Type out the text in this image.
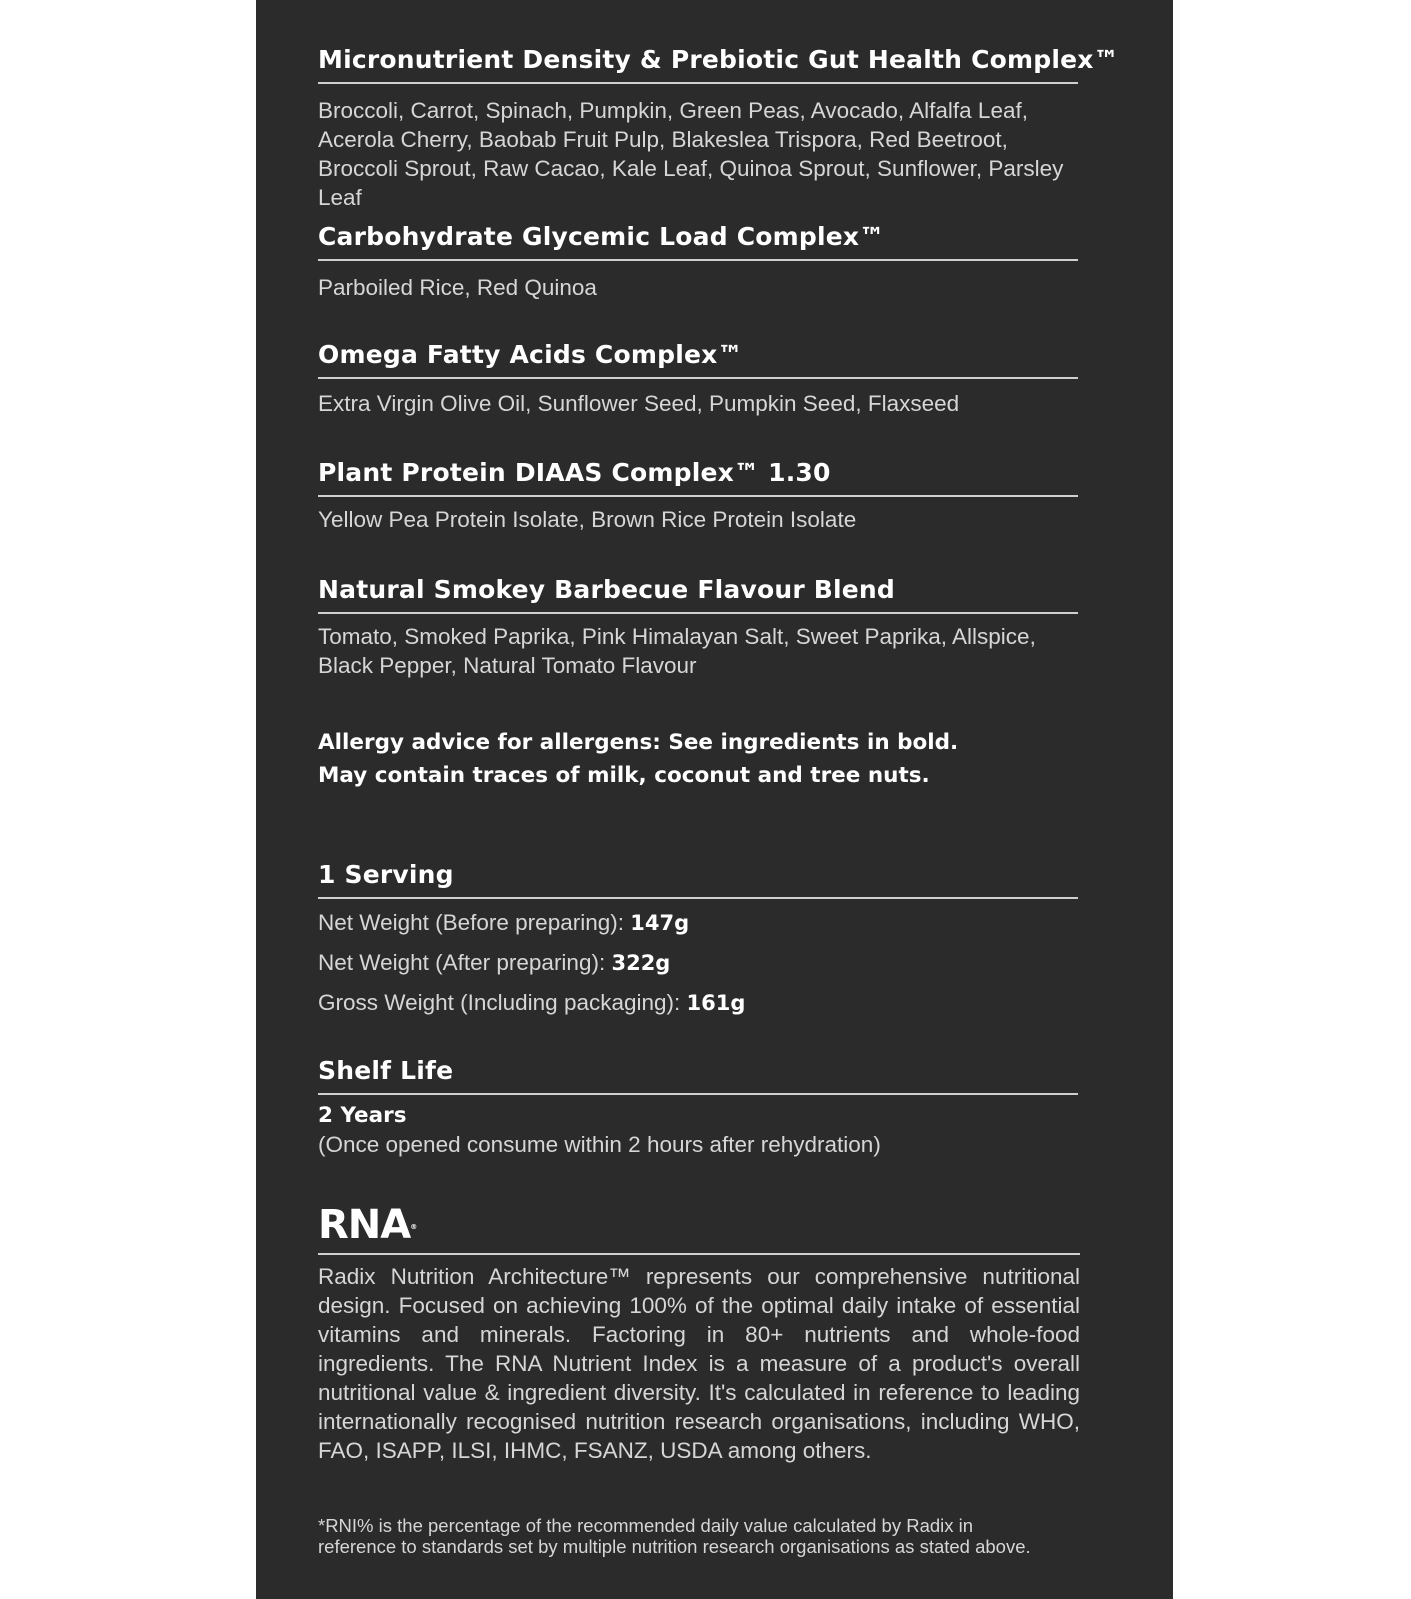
Micronutrient Density & Prebiotic Gut Health Complex™
Broccoli, Carrot, Spinach, Pumpkin, Green Peas, Avocado, Alfalfa Leaf, Acerola Cherry, Baobab Fruit Pulp, Blakeslea Trispora, Red Beetroot, Broccoli Sprout, Raw Cacao, Kale Leaf, Quinoa Sprout, Sunflower, Parsley Leaf
Carbohydrate Glycemic Load Complex™
Parboiled Rice, Red Quinoa
Omega Fatty Acids Complex™
Extra Virgin Olive Oil, Sunflower Seed, Pumpkin Seed, Flaxseed
Plant Protein DIAAS Complex™ 1.30
Yellow Pea Protein Isolate, Brown Rice Protein Isolate
Natural Smokey Barbecue Flavour Blend
Tomato, Smoked Paprika, Pink Himalayan Salt, Sweet Paprika, Allspice, Black Pepper, Natural Tomato Flavour
Allergy advice for allergens: See ingredients in bold.
May contain traces of milk, coconut and tree nuts.
1 Serving
Net Weight (Before preparing): 147g
Net Weight (After preparing): 322g
Gross Weight (Including packaging): 161g
Shelf Life
2 Years
(Once opened consume within 2 hours after rehydration)
RNA ®
Radix Nutrition Architecture™ represents our comprehensive nutritional design. Focused on achieving 100% of the optimal daily intake of essential vitamins and minerals. Factoring in 80+ nutrients and whole-food ingredients. The RNA Nutrient Index is a measure of a product's overall nutritional value & ingredient diversity. It's calculated in reference to leading internationally recognised nutrition research organisations, including WHO, FAO, ISAPP, ILSI, IHMC, FSANZ, USDA among others.
*RNI% is the percentage of the recommended daily value calculated by Radix in reference to standards set by multiple nutrition research organisations as stated above.
